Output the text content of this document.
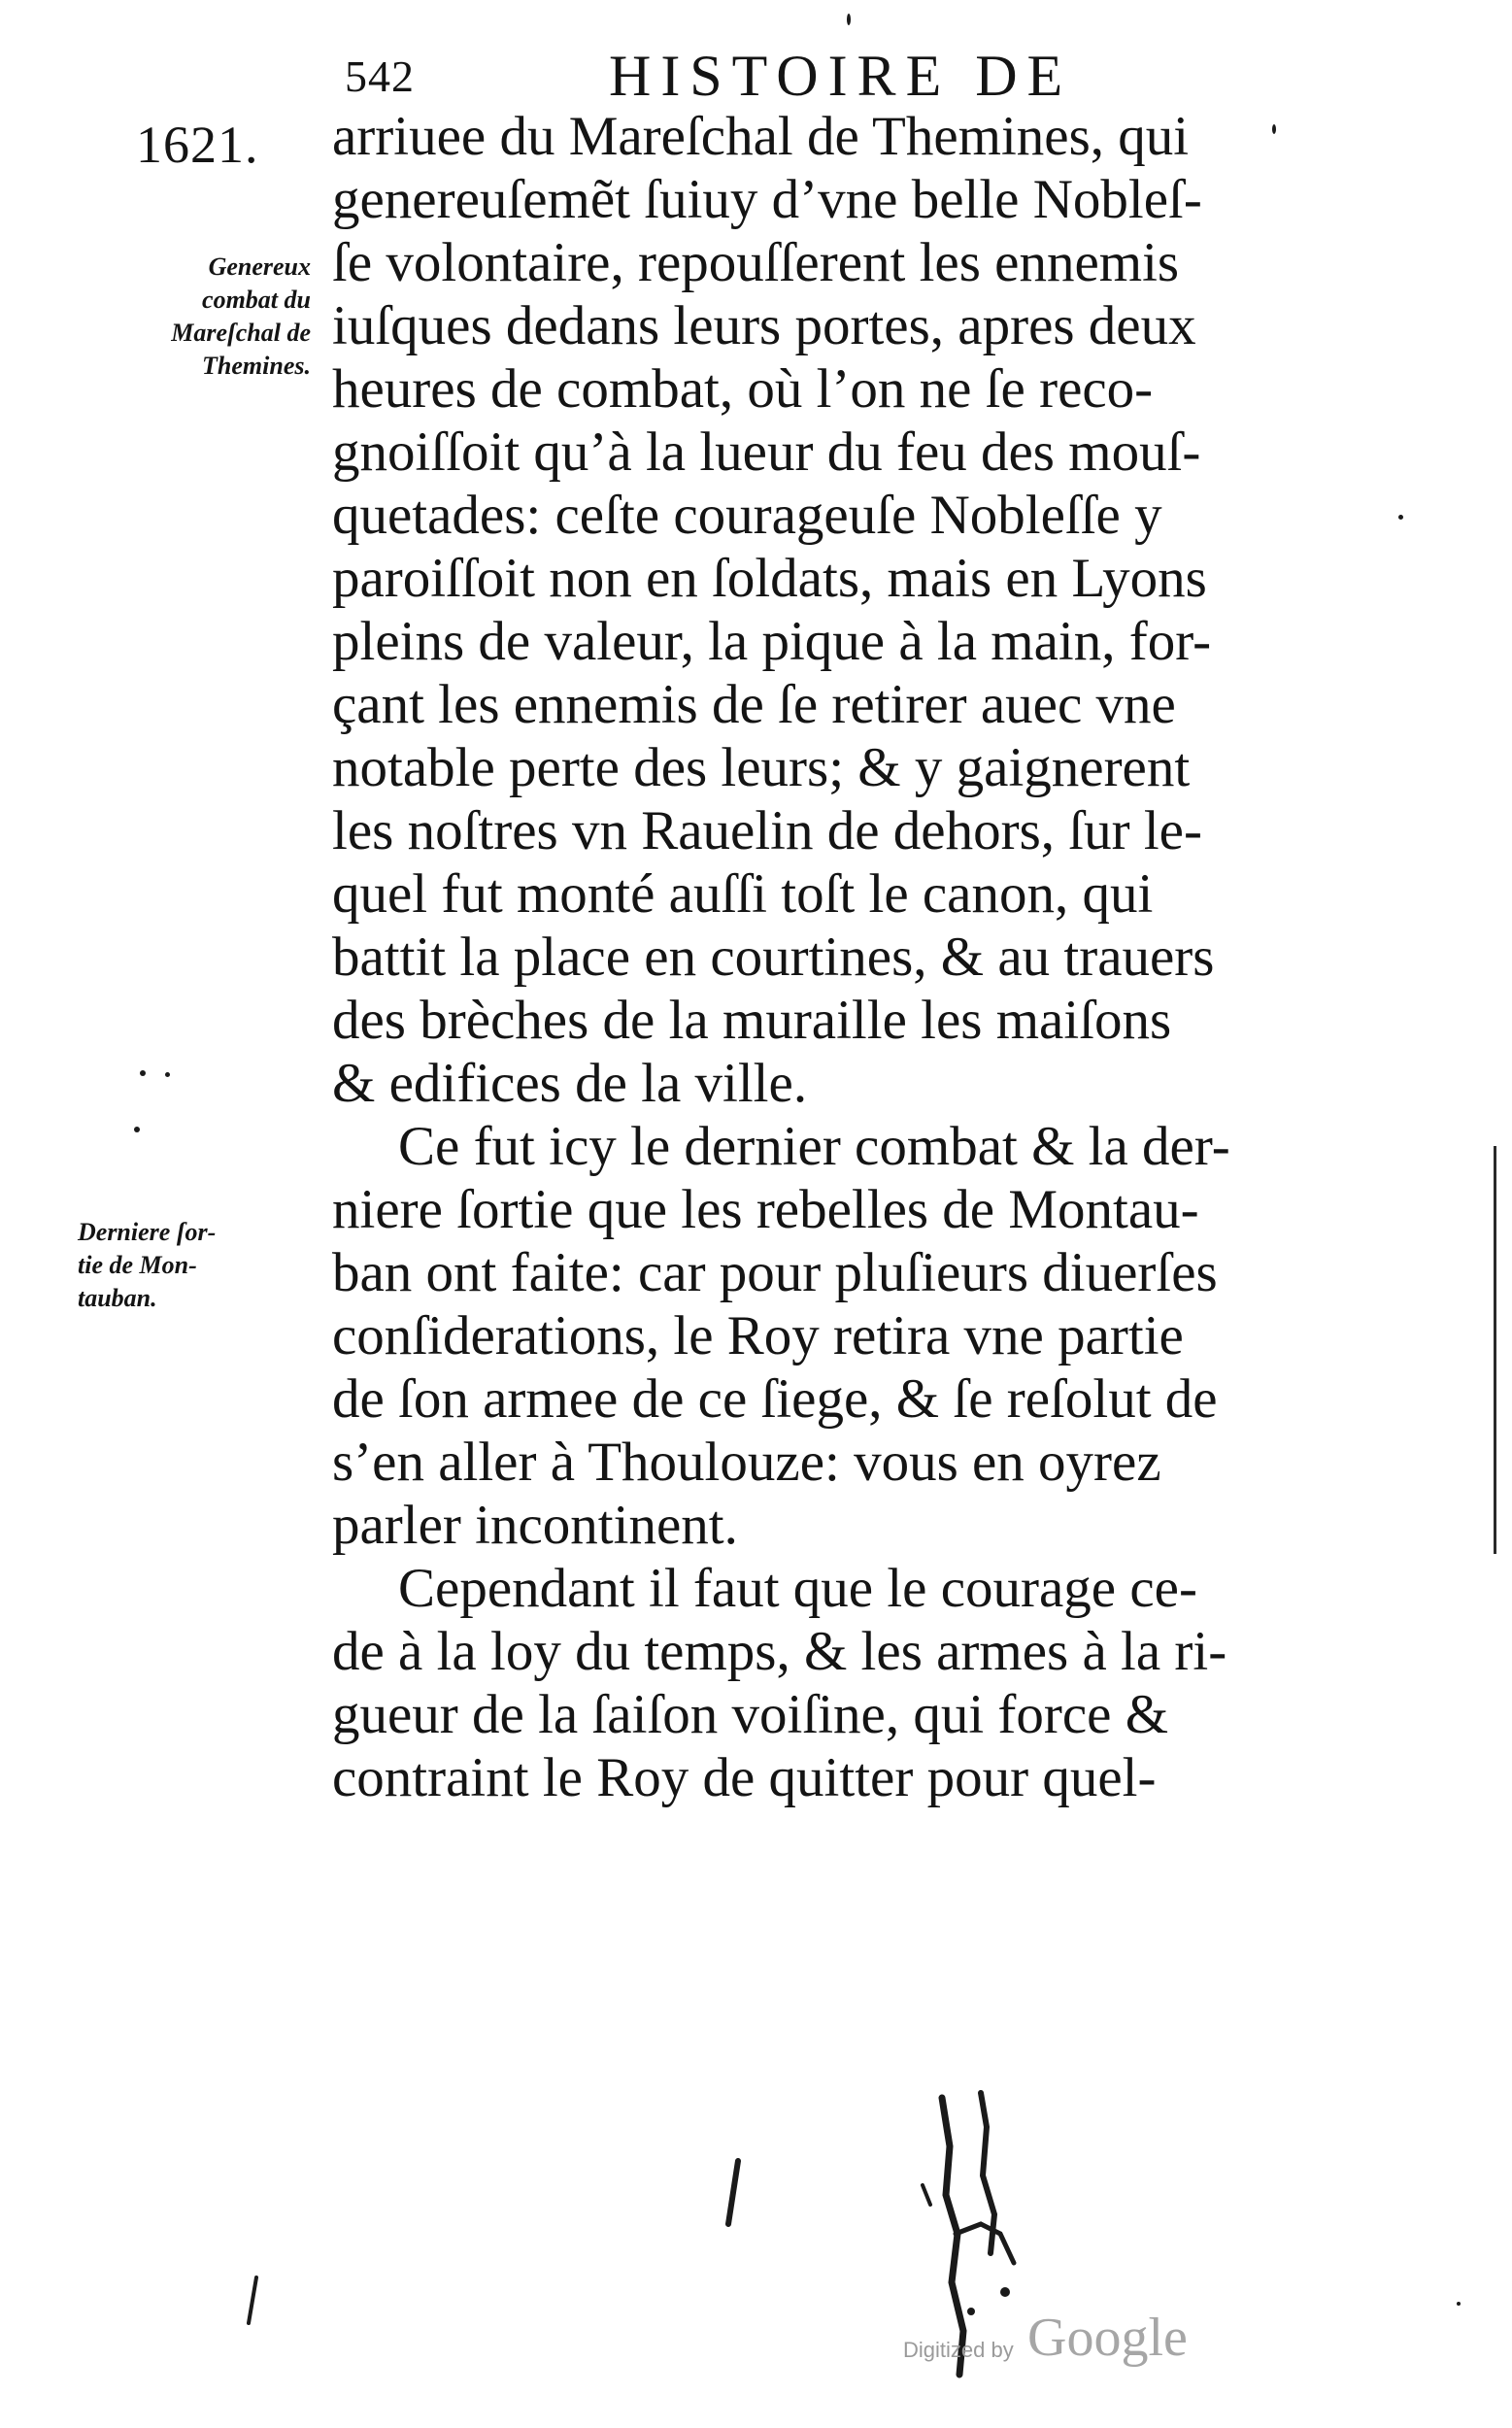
542	HISTOIRE DE
1621.
Genereux
combat du
Mareſchal de
Themines.
Derniere ſor-
tie de Mon-
tauban.
arriuee du Mareſchal de Themines, qui
genereuſemẽt ſuiuy d’vne belle Nobleſ-
ſe volontaire, repouſſerent les ennemis
iuſques dedans leurs portes, apres deux
heures de combat, où l’on ne ſe reco-
gnoiſſoit qu’à la lueur du feu des mouſ-
quetades: ceſte courageuſe Nobleſſe y
paroiſſoit non en ſoldats, mais en Lyons
pleins de valeur, la pique à la main, for-
çant les ennemis de ſe retirer auec vne
notable perte des leurs; & y gaignerent
les noſtres vn Rauelin de dehors, ſur le-
quel fut monté auſſi toſt le canon, qui
battit la place en courtines, & au trauers
des brèches de la muraille les maiſons
& edifices de la ville.
Ce fut icy le dernier combat & la der-
niere ſortie que les rebelles de Montau-
ban ont faite: car pour pluſieurs diuerſes
conſiderations, le Roy retira vne partie
de ſon armee de ce ſiege, & ſe reſolut de
s’en aller à Thoulouze: vous en oyrez
parler incontinent.
Cependant il faut que le courage ce-
de à la loy du temps, & les armes à la ri-
gueur de la ſaiſon voiſine, qui force &
contraint le Roy de quitter pour quel-
Digitized by Google
